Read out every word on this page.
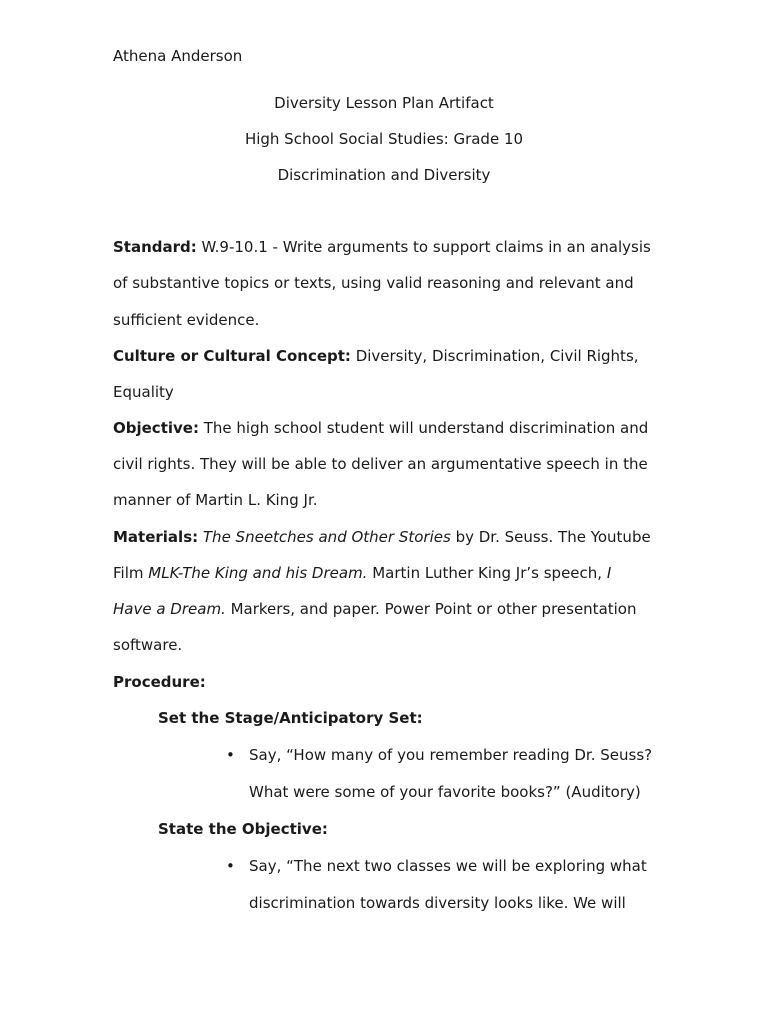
Athena Anderson
Diversity Lesson Plan Artifact
High School Social Studies: Grade 10
Discrimination and Diversity
Standard: W.9-10.1 - Write arguments to support claims in an analysis
of substantive topics or texts, using valid reasoning and relevant and
sufficient evidence.
Culture or Cultural Concept: Diversity, Discrimination, Civil Rights,
Equality
Objective: The high school student will understand discrimination and
civil rights. They will be able to deliver an argumentative speech in the
manner of Martin L. King Jr.
Materials: The Sneetches and Other Stories by Dr. Seuss. The Youtube
Film MLK-The King and his Dream. Martin Luther King Jr’s speech, I
Have a Dream. Markers, and paper. Power Point or other presentation
software.
Procedure:
Set the Stage/Anticipatory Set:
• Say, “How many of you remember reading Dr. Seuss?
What were some of your favorite books?” (Auditory)
State the Objective:
• Say, “The next two classes we will be exploring what
discrimination towards diversity looks like. We will
